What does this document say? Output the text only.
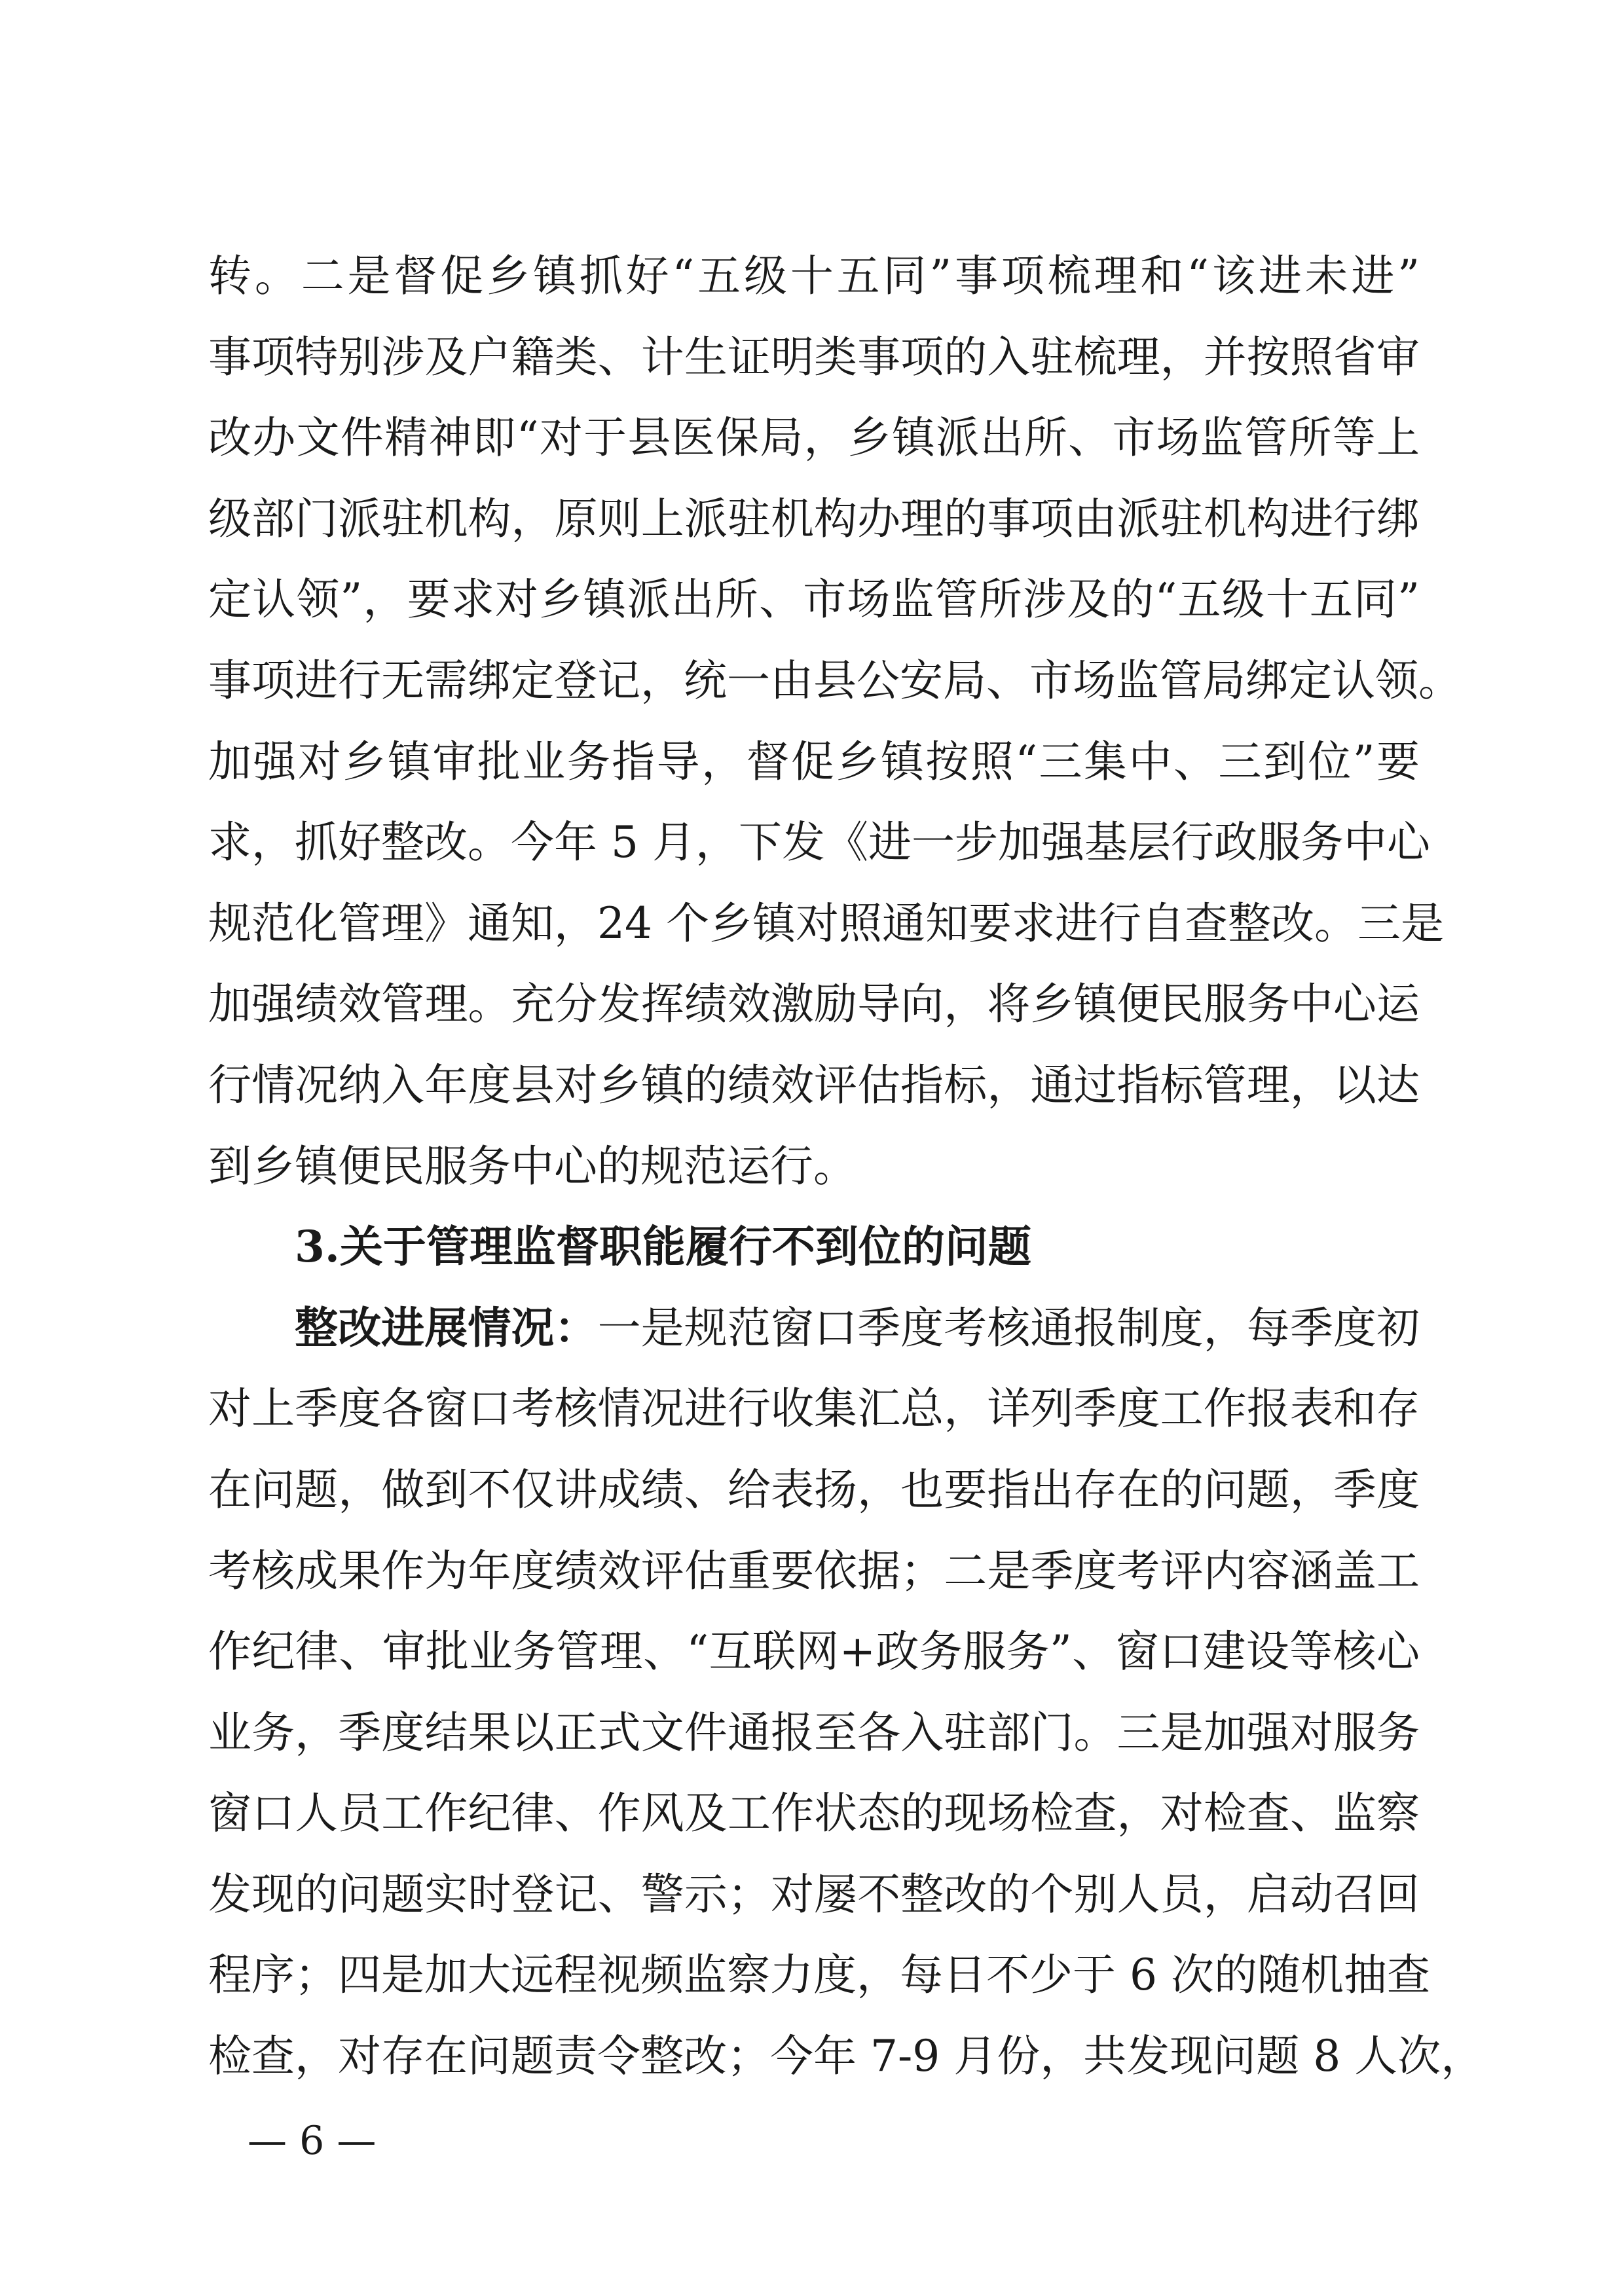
转。二是督促乡镇抓好“五级十五同”事项梳理和“该进未进”
事项特别涉及户籍类、计生证明类事项的入驻梳理，并按照省审
改办文件精神即“对于县医保局，乡镇派出所、市场监管所等上
级部门派驻机构，原则上派驻机构办理的事项由派驻机构进行绑
定认领”，要求对乡镇派出所、市场监管所涉及的“五级十五同”
事项进行无需绑定登记，统一由县公安局、市场监管局绑定认领。
加强对乡镇审批业务指导，督促乡镇按照“三集中、三到位”要
求，抓好整改。今年 5 月，下发《进一步加强基层行政服务中心
规范化管理》通知，24 个乡镇对照通知要求进行自查整改。三是
加强绩效管理。充分发挥绩效激励导向，将乡镇便民服务中心运
行情况纳入年度县对乡镇的绩效评估指标，通过指标管理，以达
到乡镇便民服务中心的规范运行。
3.关于管理监督职能履行不到位的问题
整改进展情况：一是规范窗口季度考核通报制度，每季度初
对上季度各窗口考核情况进行收集汇总，详列季度工作报表和存
在问题，做到不仅讲成绩、给表扬，也要指出存在的问题，季度
考核成果作为年度绩效评估重要依据；二是季度考评内容涵盖工
作纪律、审批业务管理、“互联网+政务服务”、窗口建设等核心
业务，季度结果以正式文件通报至各入驻部门。三是加强对服务
窗口人员工作纪律、作风及工作状态的现场检查，对检查、监察
发现的问题实时登记、警示；对屡不整改的个别人员，启动召回
程序；四是加大远程视频监察力度，每日不少于 6 次的随机抽查
检查，对存在问题责令整改；今年 7-9 月份，共发现问题 8 人次，
— 6 —
